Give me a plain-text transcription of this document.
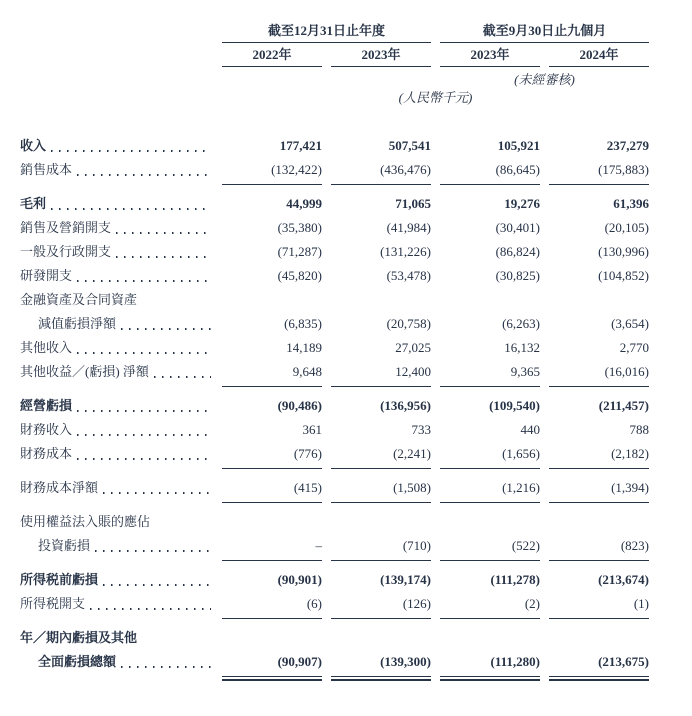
截至12月31日止年度	截至9月30日止九個月
2022年	2023年	2023年	2024年
(未經審核)
(人民幣千元)
收入	177,421	507,541	105,921	237,279
銷售成本	(132,422)	(436,476)	(86,645)	(175,883)
毛利	44,999	71,065	19,276	61,396
銷售及營銷開支	(35,380)	(41,984)	(30,401)	(20,105)
一般及行政開支	(71,287)	(131,226)	(86,824)	(130,996)
研發開支	(45,820)	(53,478)	(30,825)	(104,852)
金融資產及合同資產
減值虧損淨額	(6,835)	(20,758)	(6,263)	(3,654)
其他收入	14,189	27,025	16,132	2,770
其他收益／(虧損) 淨額	9,648	12,400	9,365	(16,016)
經營虧損	(90,486)	(136,956)	(109,540)	(211,457)
財務收入	361	733	440	788
財務成本	(776)	(2,241)	(1,656)	(2,182)
財務成本淨額	(415)	(1,508)	(1,216)	(1,394)
使用權益法入賬的應佔
投資虧損	–	(710)	(522)	(823)
所得税前虧損	(90,901)	(139,174)	(111,278)	(213,674)
所得税開支	(6)	(126)	(2)	(1)
年／期內虧損及其他
全面虧損總額	(90,907)	(139,300)	(111,280)	(213,675)
